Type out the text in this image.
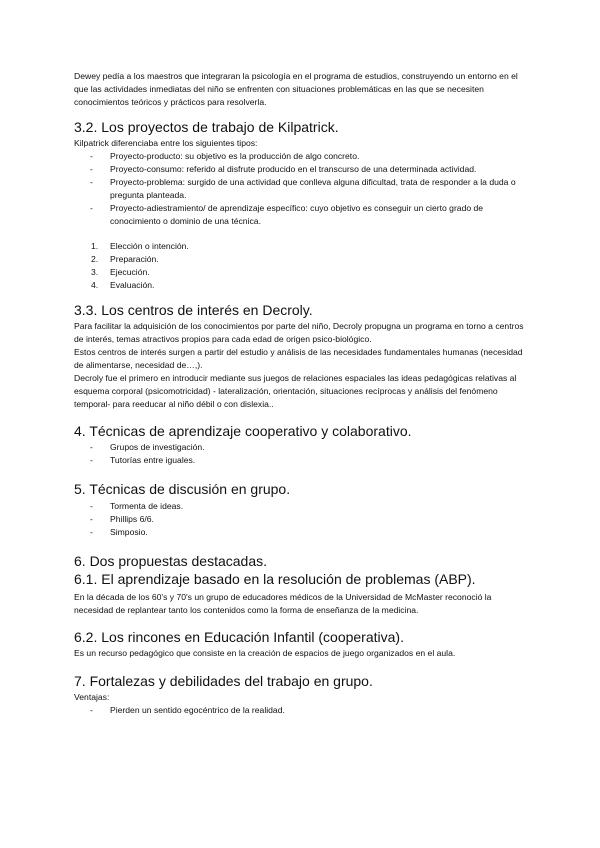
Dewey pedía a los maestros que integraran la psicología en el programa de estudios, construyendo un entorno en el que las actividades inmediatas del niño se enfrenten con situaciones problemáticas en las que se necesiten conocimientos teóricos y prácticos para resolverla.

3.2. Los proyectos de trabajo de Kilpatrick.

Kilpatrick diferenciaba entre los siguientes tipos:

- Proyecto-producto: su objetivo es la producción de algo concreto.
- Proyecto-consumo: referido al disfrute producido en el transcurso de una determinada actividad.
- Proyecto-problema: surgido de una actividad que conlleva alguna dificultad, trata de responder a la duda o pregunta planteada.
- Proyecto-adiestramiento/ de aprendizaje específico: cuyo objetivo es conseguir un cierto grado de conocimiento o dominio de una técnica.
1. Elección o intención.
2. Preparación.
3. Ejecución.
4. Evaluación.
3.3. Los centros de interés en Decroly.

Para facilitar la adquisición de los conocimientos por parte del niño, Decroly propugna un programa en torno a centros de interés, temas atractivos propios para cada edad de origen psico-biológico.

Estos centros de interés surgen a partir del estudio y análisis de las necesidades fundamentales humanas (necesidad de alimentarse, necesidad de…,).

Decroly fue el primero en introducir mediante sus juegos de relaciones espaciales las ideas pedagógicas relativas al esquema corporal (psicomotricidad) - lateralización, orientación, situaciones recíprocas y análisis del fenómeno temporal- para reeducar al niño débil o con dislexia..

4. Técnicas de aprendizaje cooperativo y colaborativo.
- Grupos de investigación.
- Tutorías entre iguales.
5. Técnicas de discusión en grupo.
- Tormenta de ideas.
- Phillips 6/6.
- Simposio.
6. Dos propuestas destacadas.
6.1. El aprendizaje basado en la resolución de problemas (ABP).

En la década de los 60's y 70's un grupo de educadores médicos de la Universidad de McMaster reconoció la necesidad de replantear tanto los contenidos como la forma de enseñanza de la medicina.

6.2. Los rincones en Educación Infantil (cooperativa).

Es un recurso pedagógico que consiste en la creación de espacios de juego organizados en el aula.

7. Fortalezas y debilidades del trabajo en grupo.

Ventajas:

- Pierden un sentido egocéntrico de la realidad.
